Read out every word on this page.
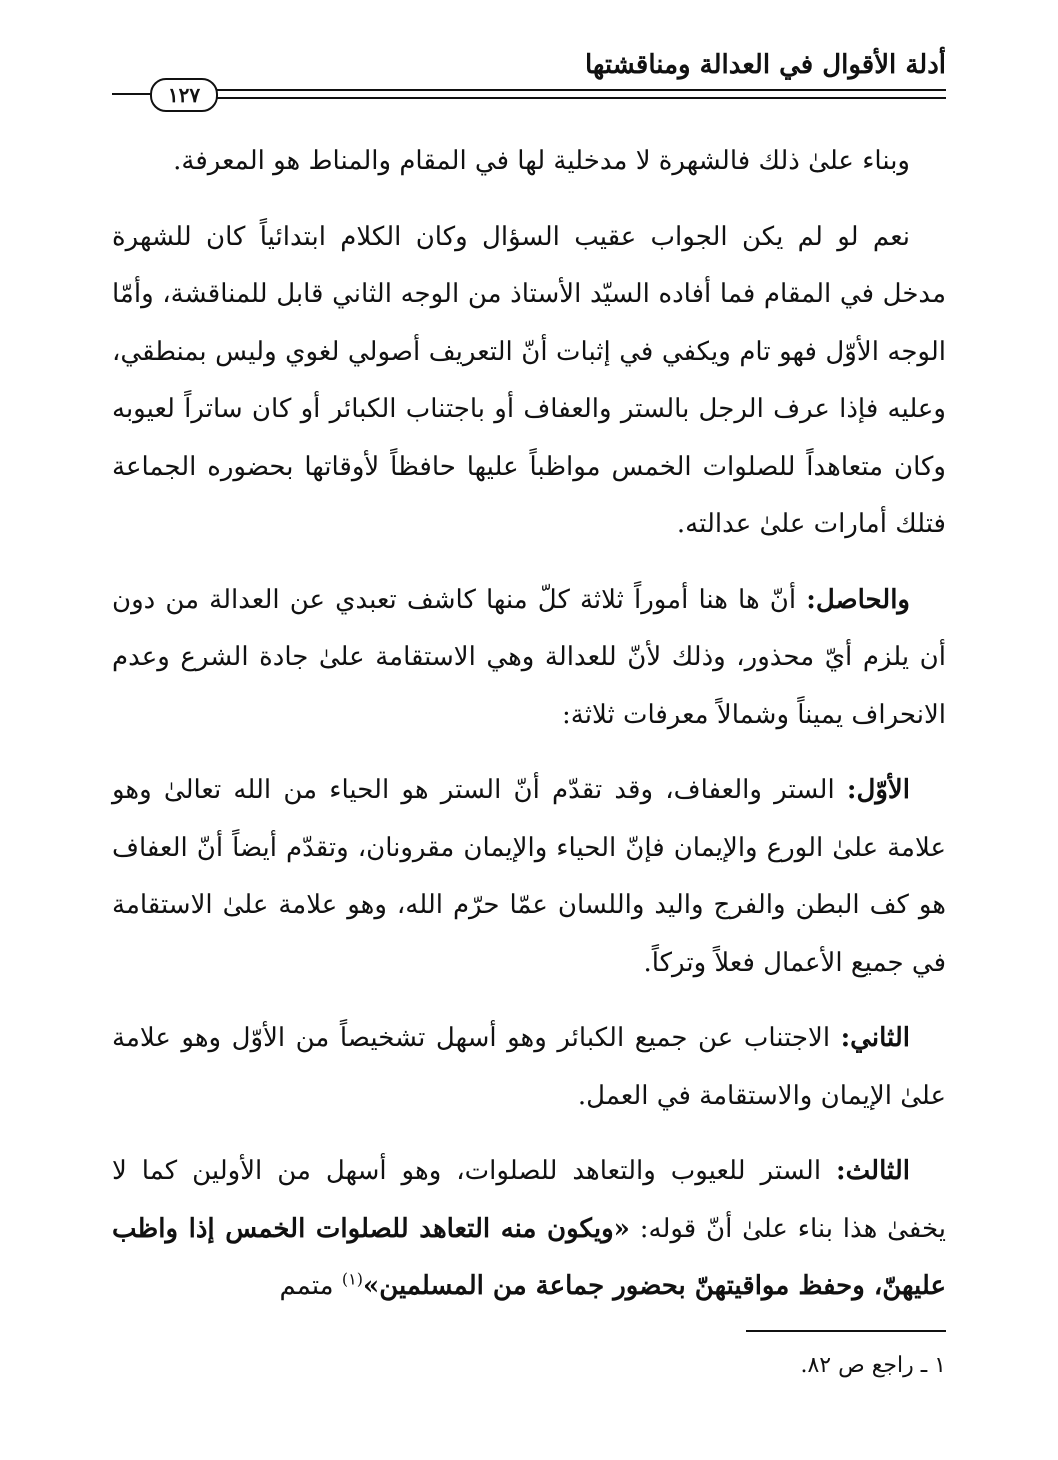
أدلة الأقوال في العدالة ومناقشتها
١٢٧

وبناء علىٰ ذلك فالشهرة لا مدخلية لها في المقام والمناط هو المعرفة.

نعم لو لم يكن الجواب عقيب السؤال وكان الكلام ابتدائياً كان للشهرة مدخل في المقام فما أفاده السيّد الأستاذ من الوجه الثاني قابل للمناقشة، وأمّا الوجه الأوّل فهو تام ويكفي في إثبات أنّ التعريف أصولي لغوي وليس بمنطقي، وعليه فإذا عرف الرجل بالستر والعفاف أو باجتناب الكبائر أو كان ساتراً لعيوبه وكان متعاهداً للصلوات الخمس مواظباً عليها حافظاً لأوقاتها بحضوره الجماعة فتلك أمارات علىٰ عدالته.

والحاصل: أنّ ها هنا أموراً ثلاثة كلّ منها كاشف تعبدي عن العدالة من دون أن يلزم أيّ محذور، وذلك لأنّ للعدالة وهي الاستقامة علىٰ جادة الشرع وعدم الانحراف يميناً وشمالاً معرفات ثلاثة:

الأوّل: الستر والعفاف، وقد تقدّم أنّ الستر هو الحياء من الله تعالىٰ وهو علامة علىٰ الورع والإيمان فإنّ الحياء والإيمان مقرونان، وتقدّم أيضاً أنّ العفاف هو كف البطن والفرج واليد واللسان عمّا حرّم الله، وهو علامة علىٰ الاستقامة في جميع الأعمال فعلاً وتركاً.

الثاني: الاجتناب عن جميع الكبائر وهو أسهل تشخيصاً من الأوّل وهو علامة علىٰ الإيمان والاستقامة في العمل.

الثالث: الستر للعيوب والتعاهد للصلوات، وهو أسهل من الأولين كما لا يخفىٰ هذا بناء علىٰ أنّ قوله: «ويكون منه التعاهد للصلوات الخمس إذا واظب عليهنّ، وحفظ مواقيتهنّ بحضور جماعة من المسلمين»$^{(١)}$ متمم

١ ـ راجع ص ٨٢.
